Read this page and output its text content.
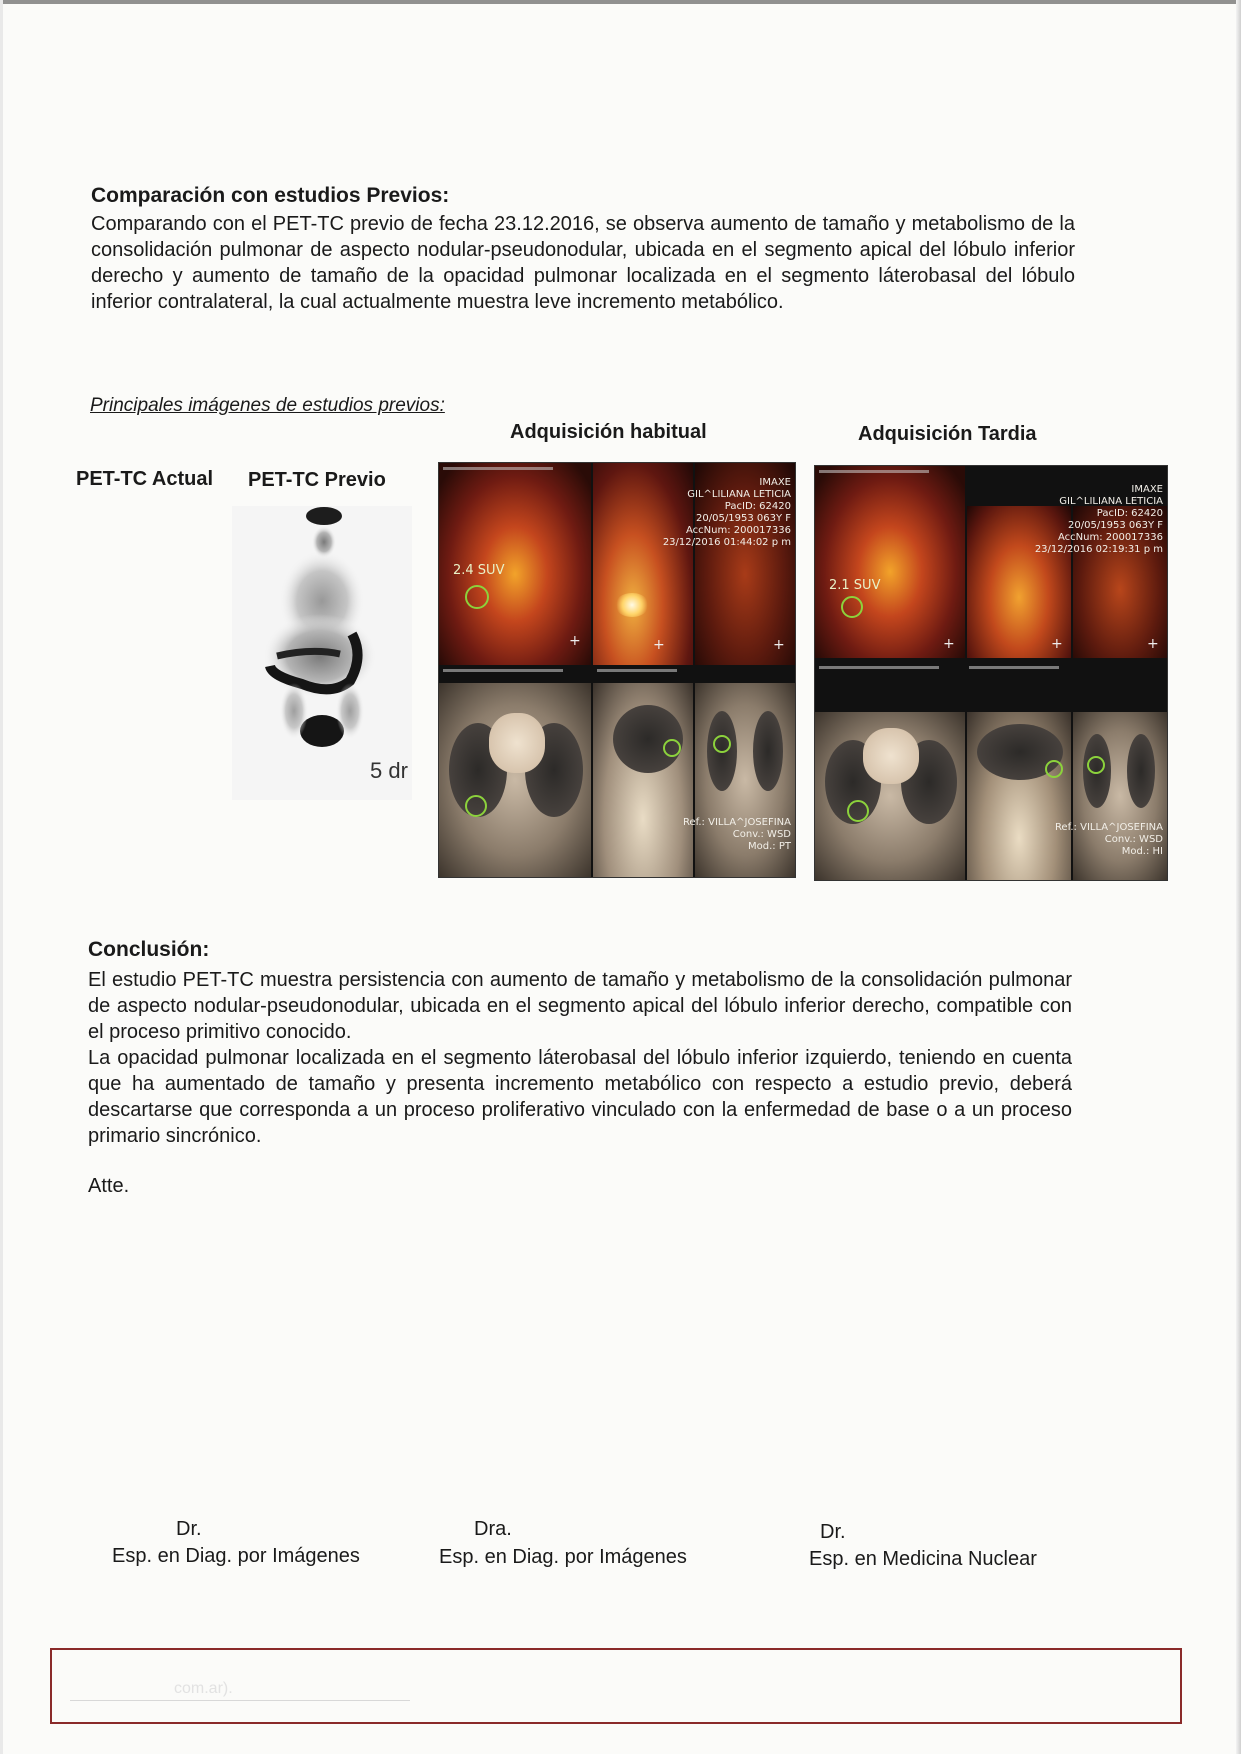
Comparación con estudios Previos:

Comparando con el PET-TC previo de fecha 23.12.2016, se observa aumento de tamaño y metabolismo de la consolidación pulmonar de aspecto nodular-pseudonodular, ubicada en el segmento apical del lóbulo inferior derecho y aumento de tamaño de la opacidad pulmonar localizada en el segmento láterobasal del lóbulo inferior contralateral, la cual actualmente muestra leve incremento metabólico.

Principales imágenes de estudios previos:
Adquisición habitual	Adquisición Tardia
PET-TC Actual PET-TC Previo
5 dr
2.4 SUV
+	+	+
IMAXE
GIL^LILIANA LETICIA
PacID: 62420
20/05/1953 063Y F
AccNum: 200017336
23/12/2016 01:44:02 p m
Ref.: VILLA^JOSEFINA
Conv.: WSD
Mod.: PT
2.1 SUV
+	+	+
IMAXE
GIL^LILIANA LETICIA
PacID: 62420
20/05/1953 063Y F
AccNum: 200017336
23/12/2016 02:19:31 p m
Ref.: VILLA^JOSEFINA
Conv.: WSD
Mod.: HI
Conclusión:

El estudio PET-TC muestra persistencia con aumento de tamaño y metabolismo de la consolidación pulmonar de aspecto nodular-pseudonodular, ubicada en el segmento apical del lóbulo inferior derecho, compatible con el proceso primitivo conocido.

La opacidad pulmonar localizada en el segmento láterobasal del lóbulo inferior izquierdo, teniendo en cuenta que ha aumentado de tamaño y presenta incremento metabólico con respecto a estudio previo, deberá descartarse que corresponda a un proceso proliferativo vinculado con la enfermedad de base o a un proceso primario sincrónico.

Atte.
Dr.
Esp. en Diag. por Imágenes
Dra.
Esp. en Diag. por Imágenes
Dr.
Esp. en Medicina Nuclear
com.ar).
